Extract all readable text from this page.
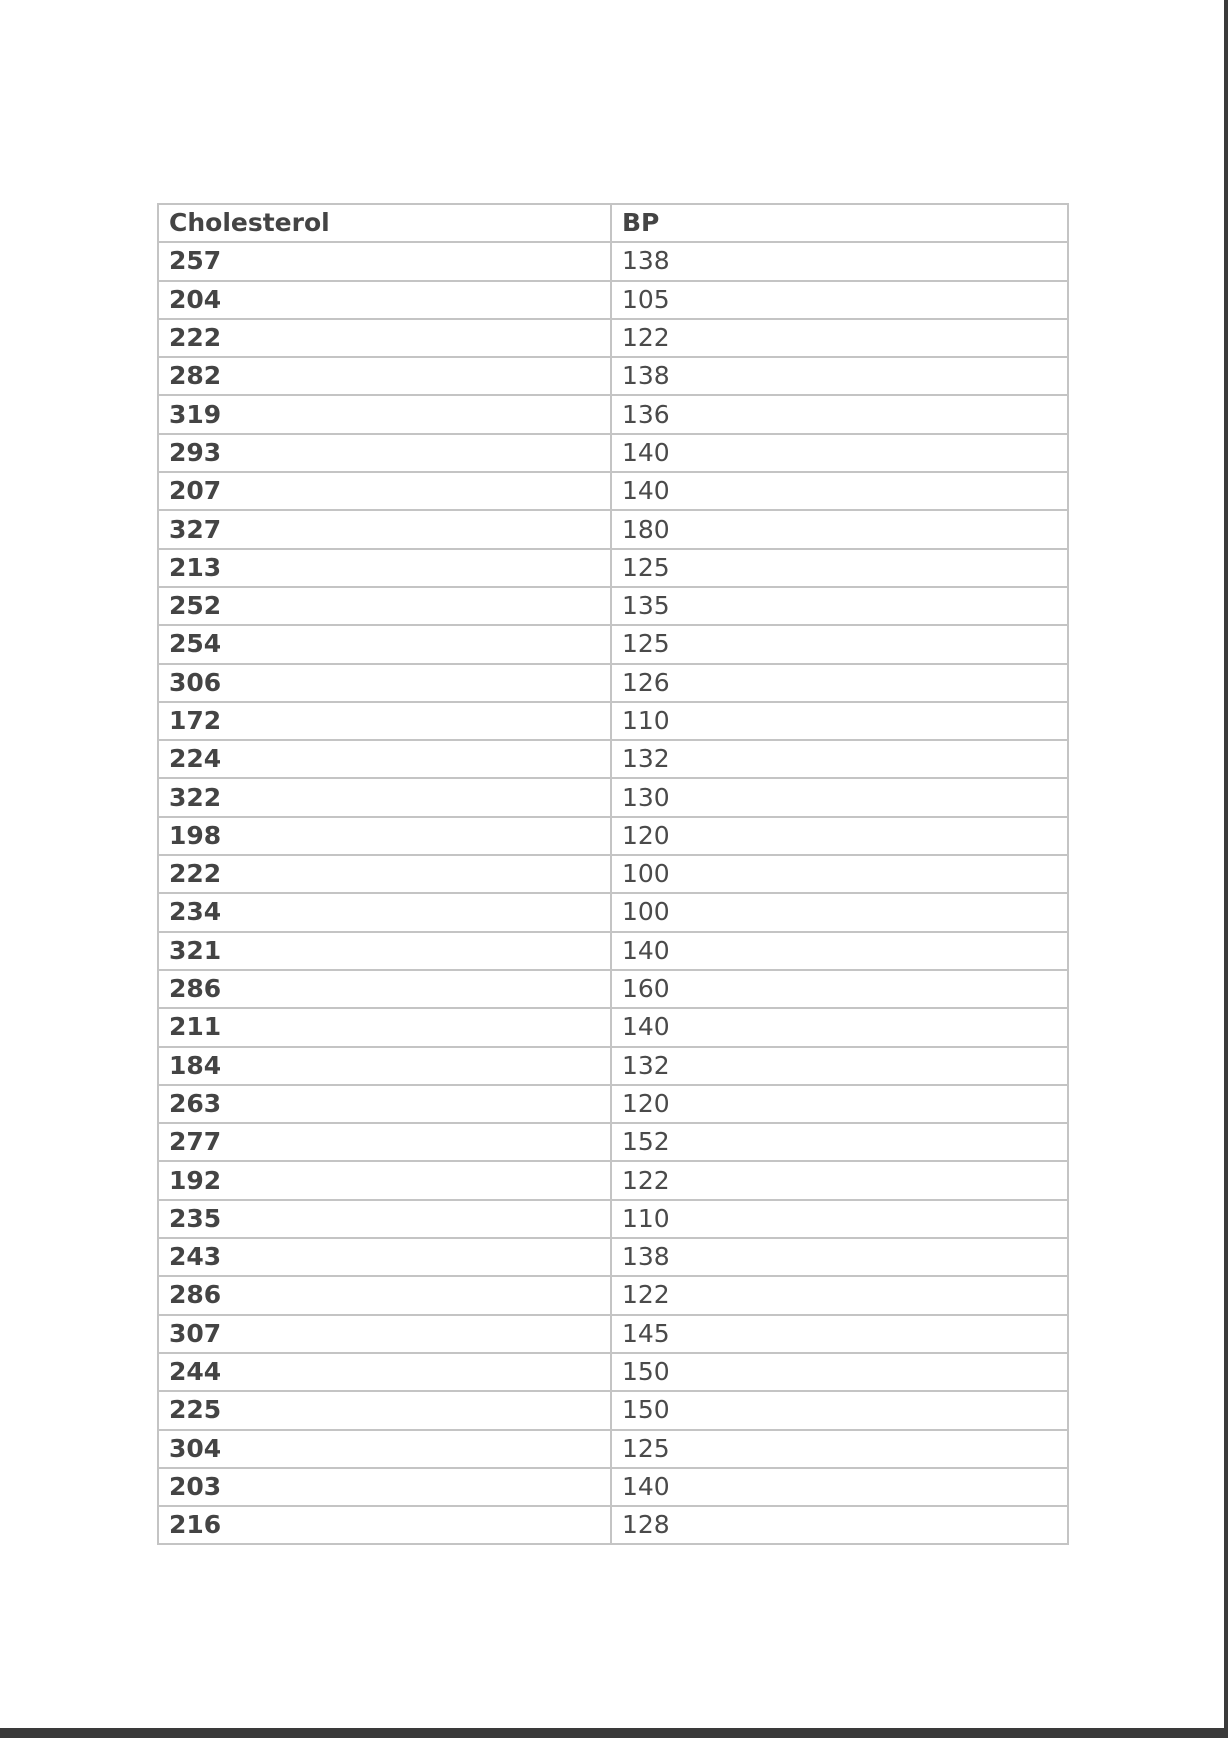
Cholesterol	BP
257	138
204	105
222	122
282	138
319	136
293	140
207	140
327	180
213	125
252	135
254	125
306	126
172	110
224	132
322	130
198	120
222	100
234	100
321	140
286	160
211	140
184	132
263	120
277	152
192	122
235	110
243	138
286	122
307	145
244	150
225	150
304	125
203	140
216	128
